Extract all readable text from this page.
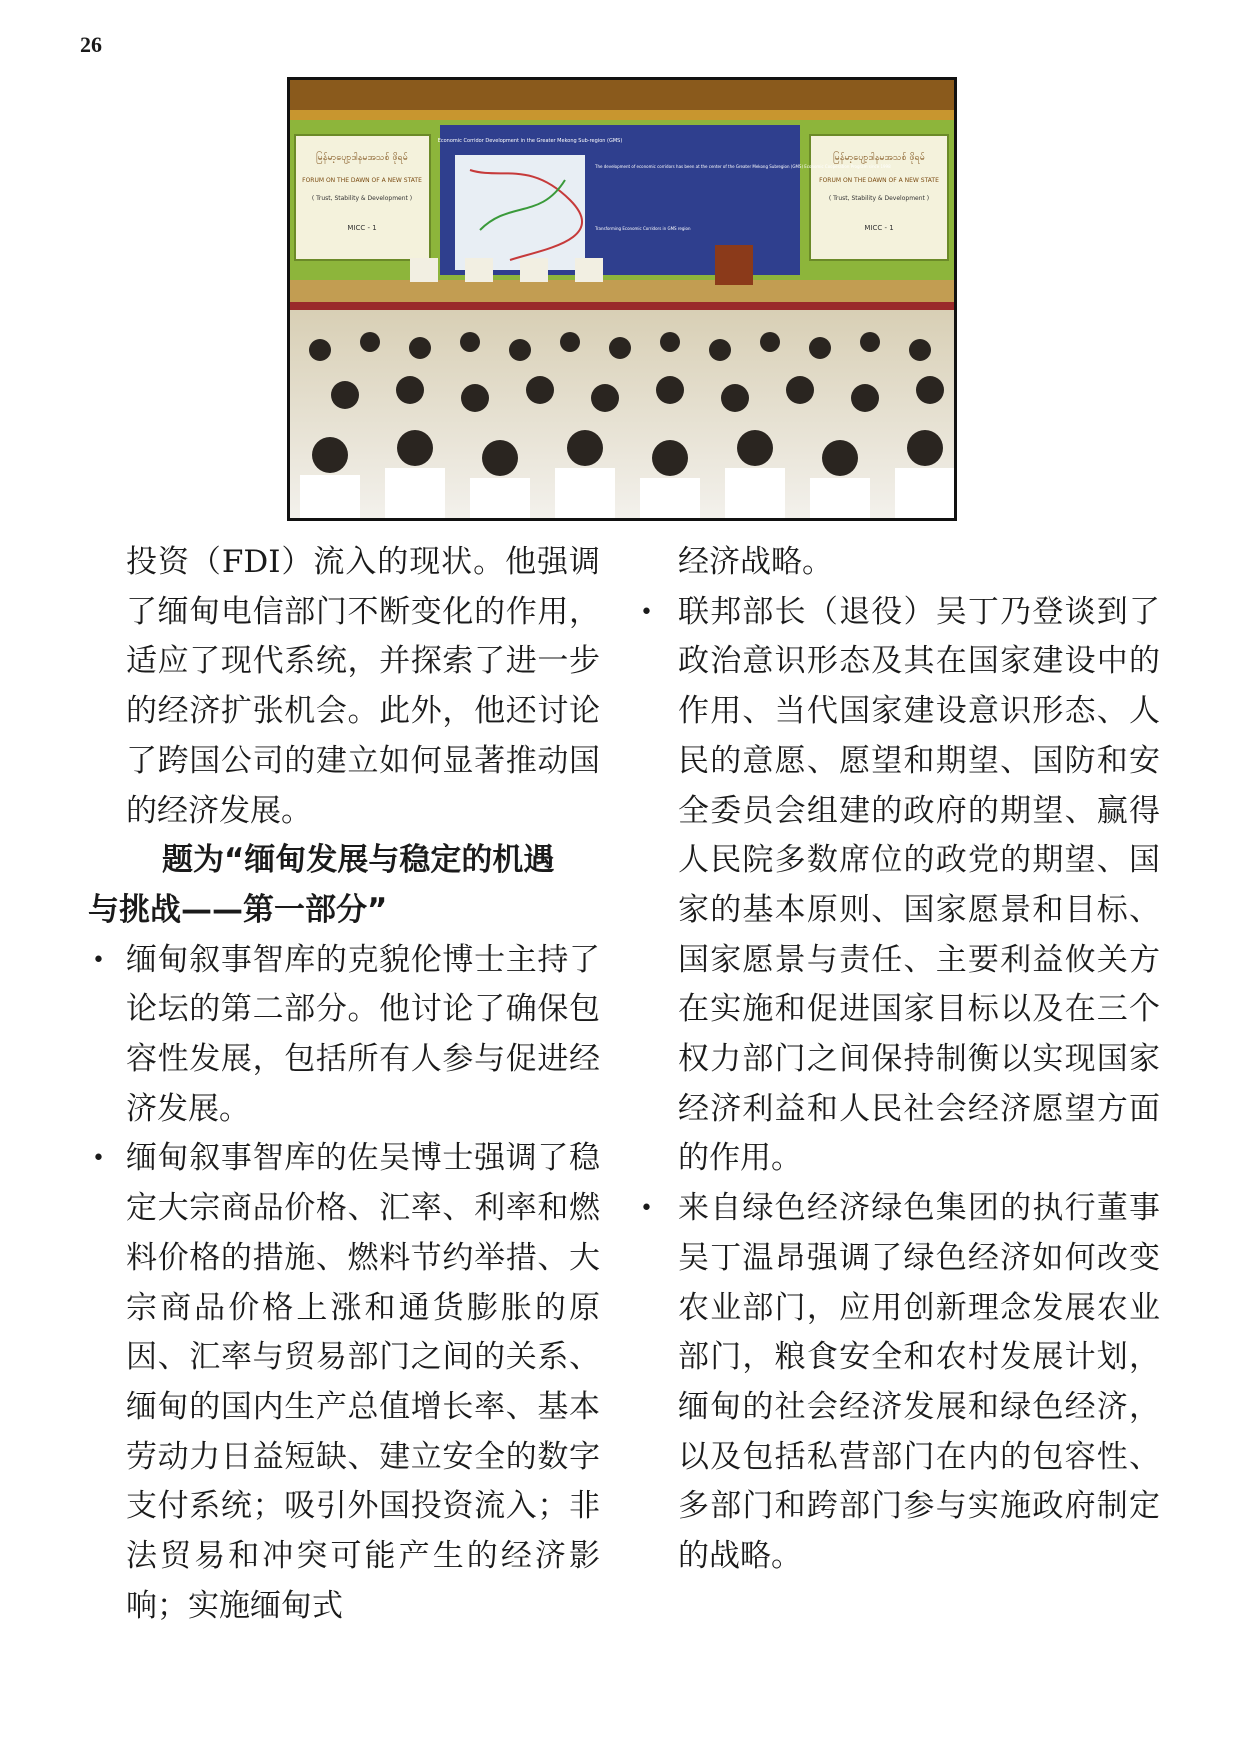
26
မြန်မာ့ပျော့ဒါနမအသစ် ဖိုရမ်
FORUM ON THE DAWN OF A NEW STATE
( Trust, Stability & Development )
MICC - 1
Economic Corridor Development in the Greater Mekong Sub-region (GMS)
The development of economic corridors has been at the center of the Greater Mekong Subregion (GMS) Economic Cooperation Program since 1998
Transforming Economic Corridors in GMS region
မြန်မာ့ပျော့ဒါနမအသစ် ဖိုရမ်
FORUM ON THE DAWN OF A NEW STATE
( Trust, Stability & Development )
MICC - 1

投资（FDI）流入的现状。他强调了缅甸电信部门不断变化的作用，适应了现代系统，并探索了进一步的经济扩张机会。此外，他还讨论了跨国公司的建立如何显著推动国的经济发展。

题为“缅甸发展与稳定的机遇
与挑战——第一部分”

• 缅甸叙事智库的克貌伦博士主持了论坛的第二部分。他讨论了确保包容性发展，包括所有人参与促进经济发展。
• 缅甸叙事智库的佐吴博士强调了稳定大宗商品价格、汇率、利率和燃料价格的措施、燃料节约举措、大宗商品价格上涨和通货膨胀的原因、汇率与贸易部门之间的关系、缅甸的国内生产总值增长率、基本劳动力日益短缺、建立安全的数字支付系统；吸引外国投资流入；非法贸易和冲突可能产生的经济影响；实施缅甸式

经济战略。

• 联邦部长（退役）吴丁乃登谈到了政治意识形态及其在国家建设中的作用、当代国家建设意识形态、人民的意愿、愿望和期望、国防和安全委员会组建的政府的期望、赢得人民院多数席位的政党的期望、国家的基本原则、国家愿景和目标、国家愿景与责任、主要利益攸关方在实施和促进国家目标以及在三个权力部门之间保持制衡以实现国家经济利益和人民社会经济愿望方面的作用。
• 来自绿色经济绿色集团的执行董事吴丁温昂强调了绿色经济如何改变农业部门，应用创新理念发展农业部门，粮食安全和农村发展计划，缅甸的社会经济发展和绿色经济，以及包括私营部门在内的包容性、多部门和跨部门参与实施政府制定的战略。
